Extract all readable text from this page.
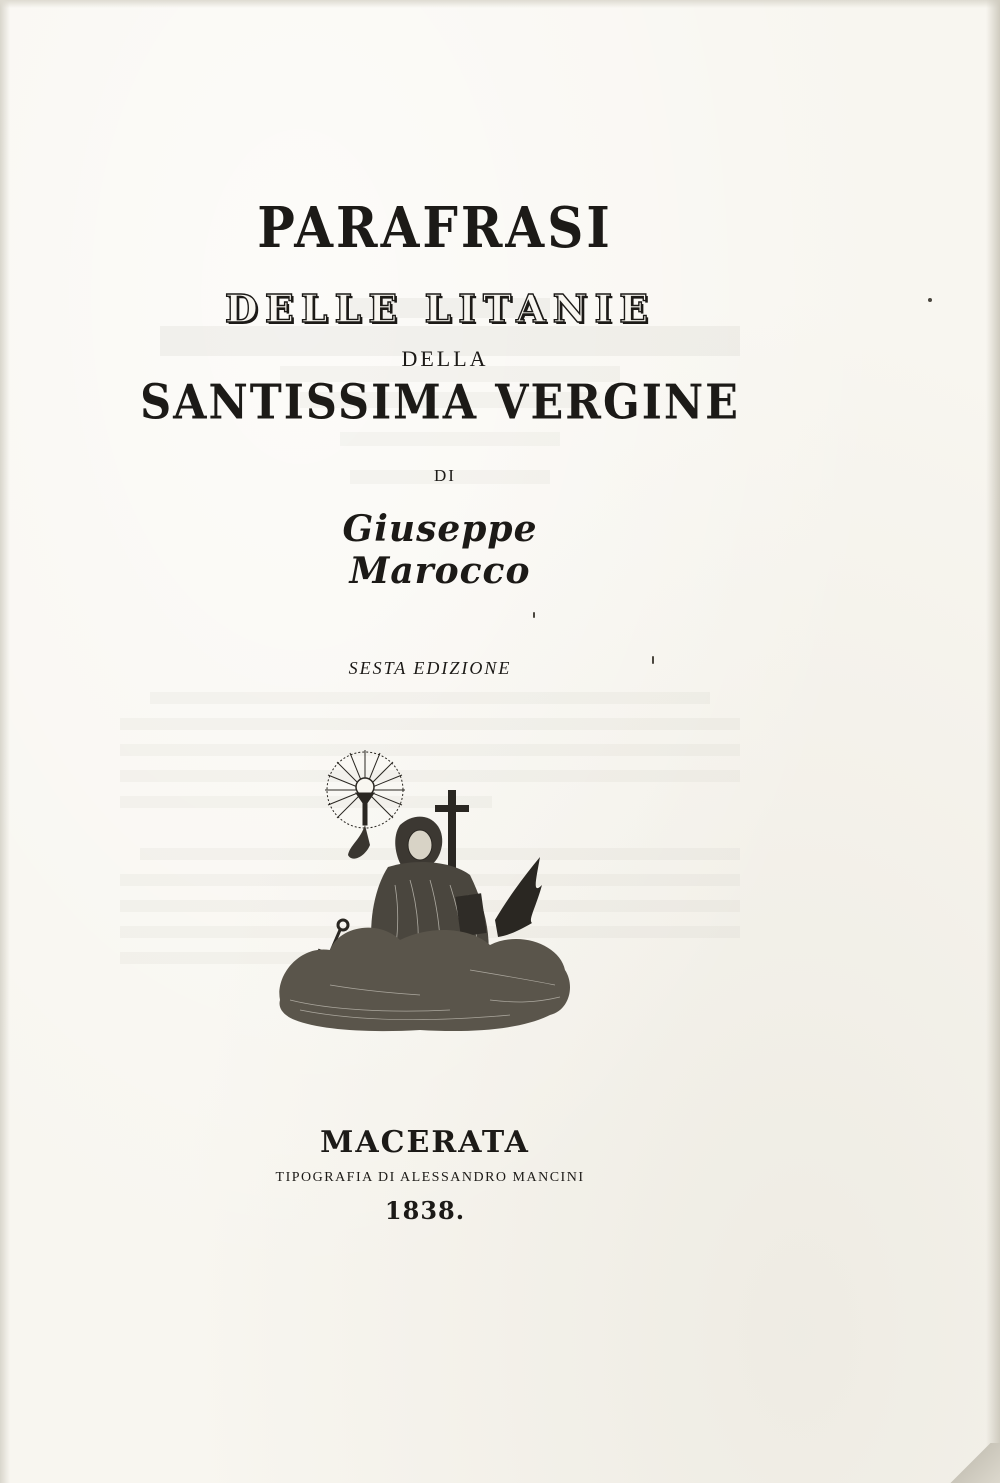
PARAFRASI
DELLE LITANIE
DELLA
SANTISSIMA VERGINE
DI
Giuseppe Marocco
SESTA EDIZIONE
MACERATA
TIPOGRAFIA DI ALESSANDRO MANCINI
1838.
